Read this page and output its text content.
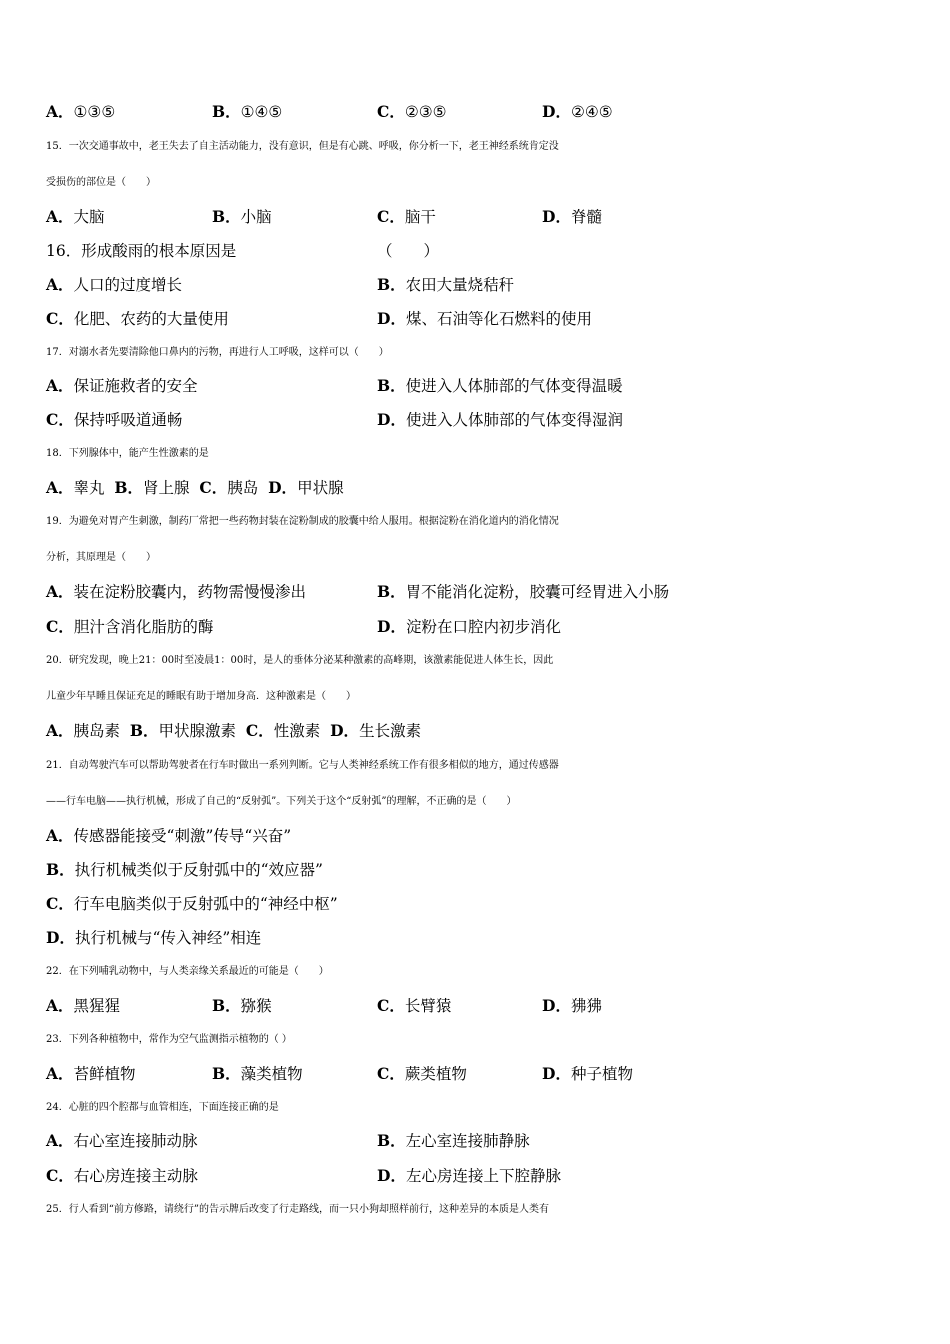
A．①③⑤	B．①④⑤	C．②③⑤	D．②④⑤
15．一次交通事故中，老王失去了自主活动能力，没有意识，但是有心跳、呼吸，你分析一下，老王神经系统肯定没
受损伤的部位是（　　）
A．大脑	B．小脑	C．脑干	D．脊髓
16．形成酸雨的根本原因是	（　　）
A．人口的过度增长	B．农田大量烧秸秆
C．化肥、农药的大量使用	D．煤、石油等化石燃料的使用
17．对溺水者先要清除他口鼻内的污物，再进行人工呼吸，这样可以（　　）
A．保证施救者的安全	B．使进入人体肺部的气体变得温暖
C．保持呼吸道通畅	D．使进入人体肺部的气体变得湿润
18．下列腺体中，能产生性激素的是
A．睾丸 B．肾上腺 C．胰岛 D．甲状腺
19．为避免对胃产生刺激，制药厂常把一些药物封装在淀粉制成的胶囊中给人服用。根据淀粉在消化道内的消化情况
分析，其原理是（　　）
A．装在淀粉胶囊内，药物需慢慢渗出	B．胃不能消化淀粉，胶囊可经胃进入小肠
C．胆汁含消化脂肪的酶	D．淀粉在口腔内初步消化
20．研究发现，晚上21：00时至凌晨1：00时，是人的垂体分泌某种激素的高峰期，该激素能促进人体生长，因此
儿童少年早睡且保证充足的睡眠有助于增加身高．这种激素是（　　）
A．胰岛素 B．甲状腺激素 C．性激素 D．生长激素
21．自动驾驶汽车可以帮助驾驶者在行车时做出一系列判断。它与人类神经系统工作有很多相似的地方，通过传感器
——行车电脑——执行机械，形成了自己的“反射弧”。下列关于这个“反射弧”的理解，不正确的是（　　）
A．传感器能接受“刺激”传导“兴奋”
B．执行机械类似于反射弧中的“效应器”
C．行车电脑类似于反射弧中的“神经中枢”
D．执行机械与“传入神经”相连
22．在下列哺乳动物中，与人类亲缘关系最近的可能是（　　）
A．黑猩猩	B．猕猴	C．长臂猿	D．狒狒
23．下列各种植物中，常作为空气监测指示植物的（ ）
A．苔鲜植物	B．藻类植物	C．蕨类植物	D．种子植物
24．心脏的四个腔都与血管相连，下面连接正确的是
A．右心室连接肺动脉	B．左心室连接肺静脉
C．右心房连接主动脉	D．左心房连接上下腔静脉
25．行人看到“前方修路，请绕行”的告示牌后改变了行走路线，而一只小狗却照样前行，这种差异的本质是人类有
